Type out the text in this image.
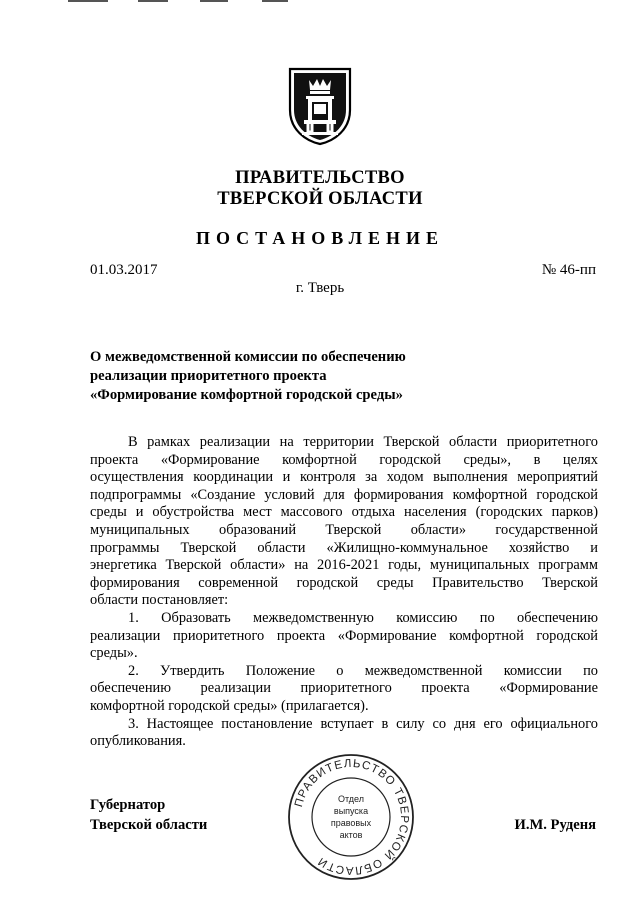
ПРАВИТЕЛЬСТВО
ТВЕРСКОЙ ОБЛАСТИ
ПОСТАНОВЛЕНИЕ
01.03.2017	№ 46-пп
г. Тверь
О межведомственной комиссии по обеспечению
реализации приоритетного проекта
«Формирование комфортной городской среды»

В рамках реализации на территории Тверской области приоритетного

проекта «Формирование комфортной городской среды», в целях

осуществления координации и контроля за ходом выполнения мероприятий

подпрограммы «Создание условий для формирования комфортной городской

среды и обустройства мест массового отдыха населения (городских парков)

муниципальных образований Тверской области» государственной

программы Тверской области «Жилищно-коммунальное хозяйство и

энергетика Тверской области» на 2016-2021 годы, муниципальных программ

формирования современной городской среды Правительство Тверской

области постановляет:

1. Образовать межведомственную комиссию по обеспечению

реализации приоритетного проекта «Формирование комфортной городской

среды».

2. Утвердить Положение о межведомственной комиссии по

обеспечению реализации приоритетного проекта «Формирование

комфортной городской среды» (прилагается).

3. Настоящее постановление вступает в силу со дня его официального

опубликования.

Губернатор
Тверской области	И.М. Руденя
ПРАВИТЕЛЬСТВО ТВЕРСКОЙ ОБЛАСТИ
Отдел
выпуска
правовых
актов
